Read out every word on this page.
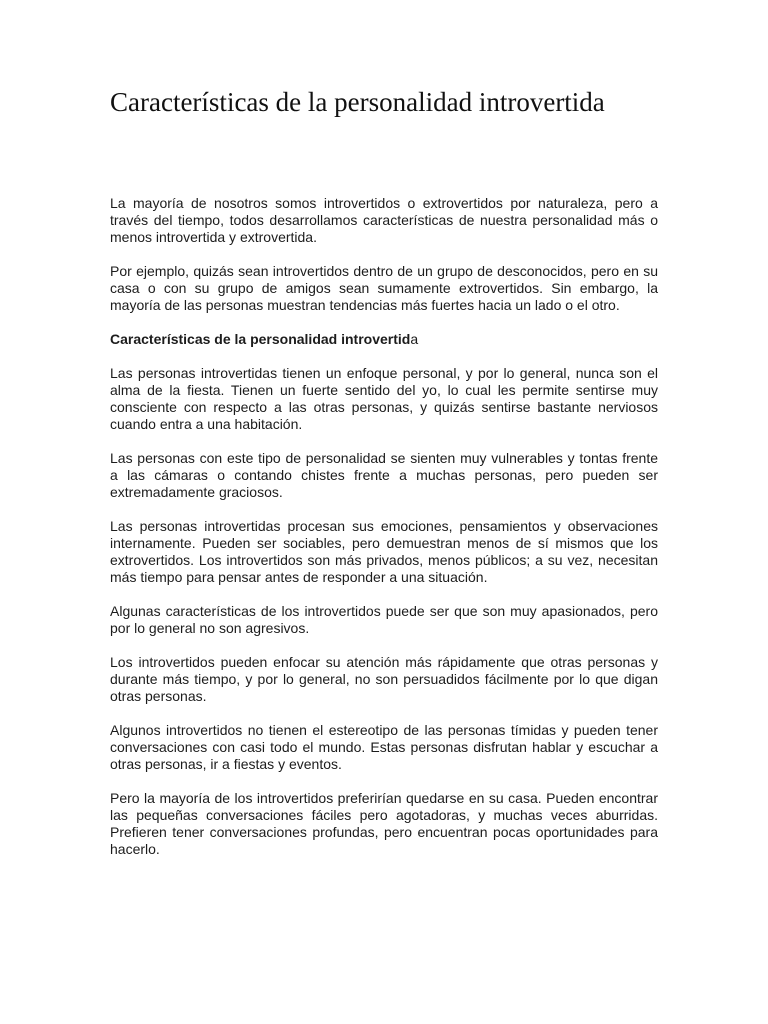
Características de la personalidad introvertida

La mayoría de nosotros somos introvertidos o extrovertidos por naturaleza, pero a través del tiempo, todos desarrollamos características de nuestra personalidad más o menos introvertida y extrovertida.

Por ejemplo, quizás sean introvertidos dentro de un grupo de desconocidos, pero en su casa o con su grupo de amigos sean sumamente extrovertidos. Sin embargo, la mayoría de las personas muestran tendencias más fuertes hacia un lado o el otro.

Características de la personalidad introvertida

Las personas introvertidas tienen un enfoque personal, y por lo general, nunca son el alma de la fiesta. Tienen un fuerte sentido del yo, lo cual les permite sentirse muy consciente con respecto a las otras personas, y quizás sentirse bastante nerviosos cuando entra a una habitación.

Las personas con este tipo de personalidad se sienten muy vulnerables y tontas frente a las cámaras o contando chistes frente a muchas personas, pero pueden ser extremadamente graciosos.

Las personas introvertidas procesan sus emociones, pensamientos y observaciones internamente. Pueden ser sociables, pero demuestran menos de sí mismos que los extrovertidos. Los introvertidos son más privados, menos públicos; a su vez, necesitan más tiempo para pensar antes de responder a una situación.

Algunas características de los introvertidos puede ser que son muy apasionados, pero por lo general no son agresivos.

Los introvertidos pueden enfocar su atención más rápidamente que otras personas y durante más tiempo, y por lo general, no son persuadidos fácilmente por lo que digan otras personas.

Algunos introvertidos no tienen el estereotipo de las personas tímidas y pueden tener conversaciones con casi todo el mundo. Estas personas disfrutan hablar y escuchar a otras personas, ir a fiestas y eventos.

Pero la mayoría de los introvertidos preferirían quedarse en su casa. Pueden encontrar las pequeñas conversaciones fáciles pero agotadoras, y muchas veces aburridas. Prefieren tener conversaciones profundas, pero encuentran pocas oportunidades para hacerlo.
